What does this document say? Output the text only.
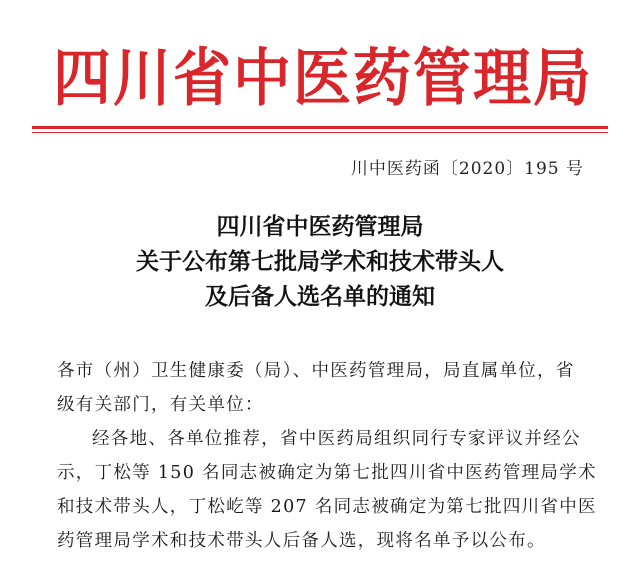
四 川 省 中 医 药 管 理 局
川中医药函〔2020〕195 号
四川省中医药管理局
关于公布第七批局学术和技术带头人
及后备人选名单的通知

各市（州）卫生健康委（局）、中医药管理局，局直属单位，省

级有关部门，有关单位：

经各地、各单位推荐，省中医药局组织同行专家评议并经公

示，丁松等 150 名同志被确定为第七批四川省中医药管理局学术

和技术带头人，丁松屹等 207 名同志被确定为第七批四川省中医

药管理局学术和技术带头人后备人选，现将名单予以公布。
